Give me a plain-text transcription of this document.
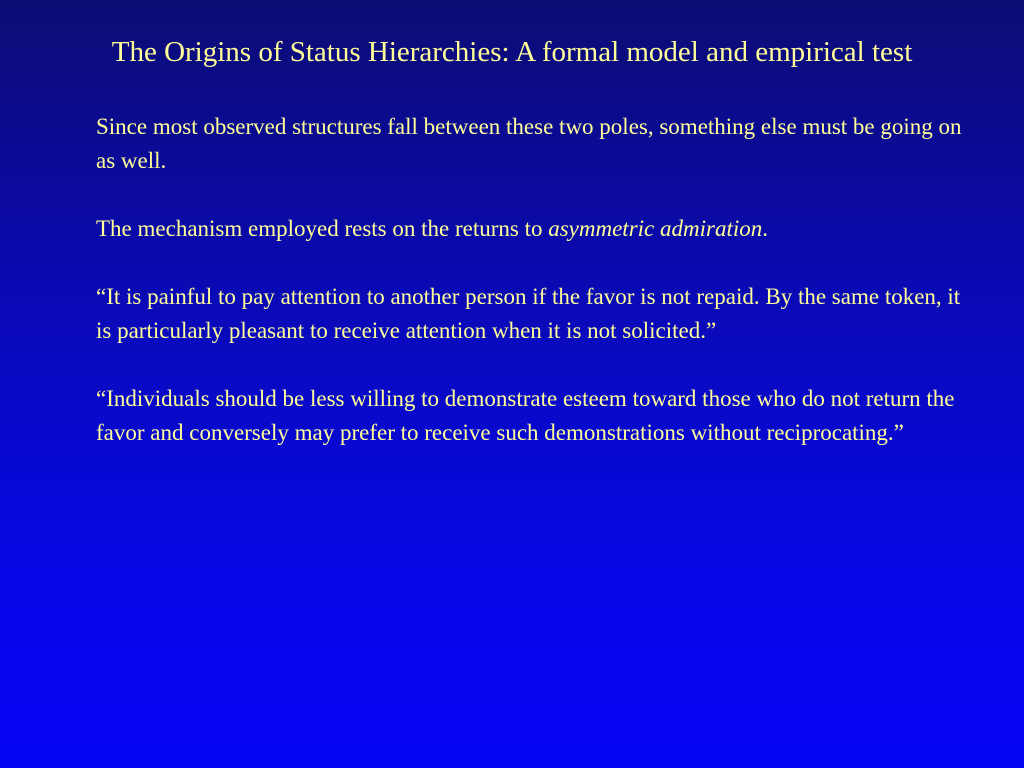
The Origins of Status Hierarchies: A formal model and empirical test

Since most observed structures fall between these two poles, something else must be going on as well.

The mechanism employed rests on the returns to asymmetric admiration.

“It is painful to pay attention to another person if the favor is not repaid. By the same token, it is particularly pleasant to receive attention when it is not solicited.”

“Individuals should be less willing to demonstrate esteem toward those who do not return the favor and conversely may prefer to receive such demonstrations without reciprocating.”
